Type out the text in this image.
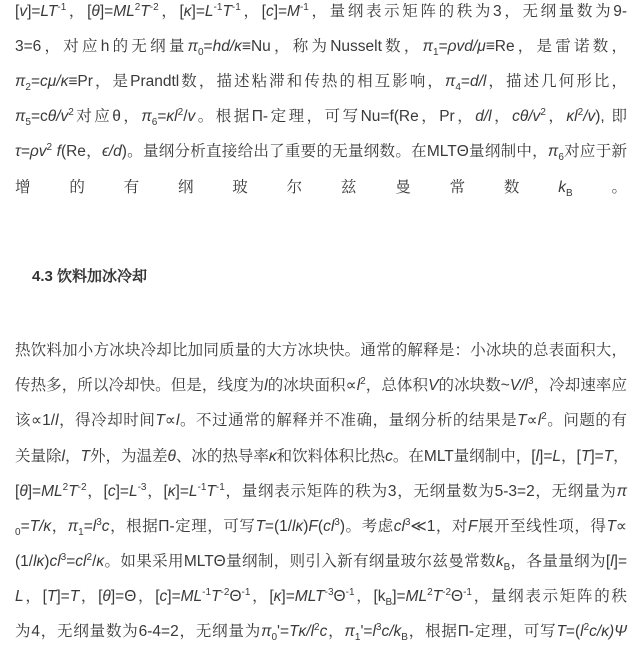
$[v]=LT^{-1}$，$[\theta]=ML^2T^{-2}$，$[\kappa]=L^{-1}T^{-1}$，$[c]=M^{-1}$，量纲表示矩阵的秩为3，无纲量数为9-
3=6，对应h的无纲量$\pi_0=hd/\kappa\equiv Nu$，称为Nusselt数，$\pi_1=\rho vd/\mu\equiv Re$，是雷诺数，
$\pi_2=c\mu/\kappa\equiv Pr$，是Prandtl数，描述粘滞和传热的相互影响，$\pi_4=d/l$，描述几何形比，
$\pi_5=c\theta/v^2$对应θ，$\pi_6=\kappa l^2/v$。根据Π-定理，可写Nu=f(Re，Pr，d/l，$c\theta/v^2$，$\kappa l^2/v$), 即
$\tau=\rho v^2$ f(Re，ϵ/d)。量纲分析直接给出了重要的无量纲数。在MLTΘ量纲制中，$\pi_6$对应于新
增的有纲玻尔兹曼常数$k_B$。
4.3 饮料加冰冷却
热饮料加小方冰块冷却比加同质量的大方冰块快。通常的解释是：小冰块的总表面积大，
传热多，所以冷却快。但是，线度为l的冰块面积$\propto l^2$，总体积V的冰块数$\sim V/l^3$，冷却速率应
该∝1/l，得冷却时间T∝l。不过通常的解释并不准确，量纲分析的结果是$T\propto l^2$。问题的有
关量除l，T外，为温差θ、冰的热导率κ和饮料体积比热c。在MLT量纲制中，[l]=L，[T]=T，
$[\theta]=ML^2T^{-2}$，$[c]=L^{-3}$，$[\kappa]=L^{-1}T^{-1}$，量纲表示矩阵的秩为3，无纲量数为5-3=2，无纲量为π
$_0$=T/κ，$\pi_1=l^3c$，根据Π-定理，可写$T=(1/l\kappa)F(cl^3)$。考虑$cl^3≪1$，对F展开至线性项，得T∝
$(1/l\kappa)cl^3=cl^2/\kappa$。如果采用MLTΘ量纲制，则引入新有纲量玻尔兹曼常数$k_B$，各量量纲为[l]=
L，[T]=T，[θ]=Θ，$[c]=ML^{-1}T^{-2}\Theta^{-1}$，$[\kappa]=MLT^{-3}\Theta^{-1}$，$[k_B]=ML^2T^{-2}\Theta^{-1}$，量纲表示矩阵的秩
为4，无纲量数为6-4=2，无纲量为$\pi_0'=T\kappa/l^2c$，$\pi_1'=l^3c/k_B$，根据Π-定理，可写$T=(l^2c/\kappa)\Psi$
